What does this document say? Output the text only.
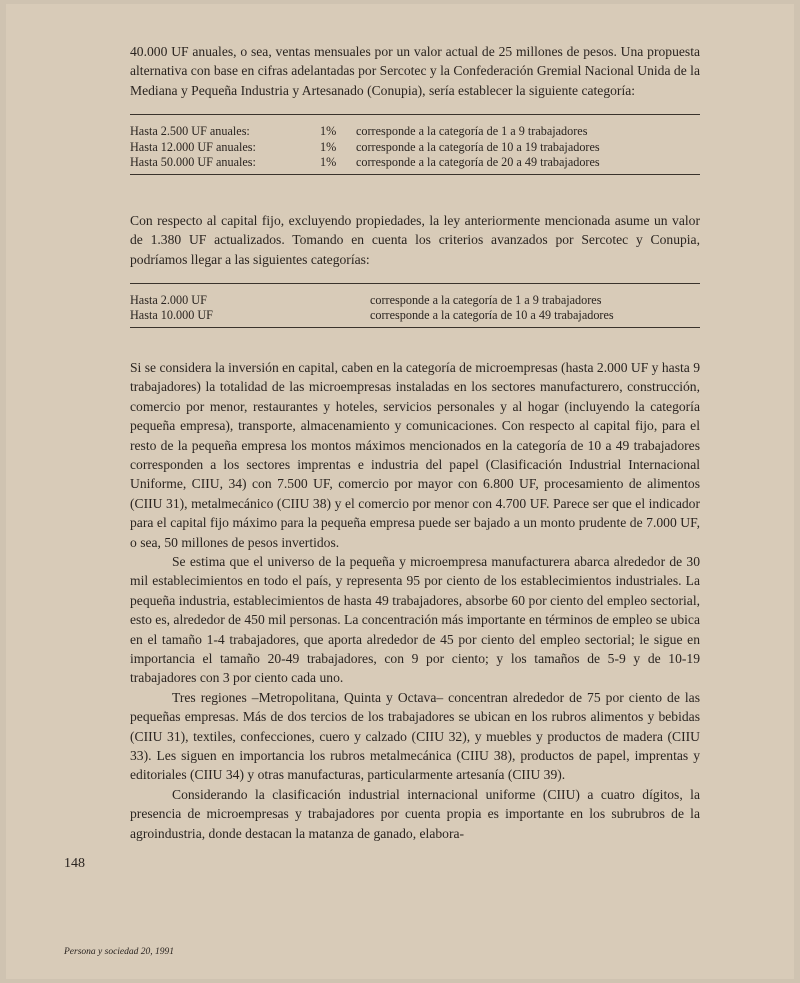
40.000 UF anuales, o sea, ventas mensuales por un valor actual de 25 millones de pesos. Una propuesta alternativa con base en cifras adelantadas por Sercotec y la Confederación Gremial Nacional Unida de la Mediana y Pequeña Industria y Artesanado (Conupia), sería establecer la siguiente categoría:

Hasta 2.500 UF anuales:	1%	corresponde a la categoría de 1 a 9 trabajadores
Hasta 12.000 UF anuales:	1%	corresponde a la categoría de 10 a 19 trabajadores
Hasta 50.000 UF anuales:	1%	corresponde a la categoría de 20 a 49 trabajadores

Con respecto al capital fijo, excluyendo propiedades, la ley anteriormente mencionada asume un valor de 1.380 UF actualizados. Tomando en cuenta los criterios avanzados por Sercotec y Conupia, podríamos llegar a las siguientes categorías:

Hasta 2.000 UF	corresponde a la categoría de 1 a 9 trabajadores
Hasta 10.000 UF	corresponde a la categoría de 10 a 49 trabajadores

Si se considera la inversión en capital, caben en la categoría de microempresas (hasta 2.000 UF y hasta 9 trabajadores) la totalidad de las microempresas instaladas en los sectores manufacturero, construcción, comercio por menor, restaurantes y hoteles, servicios personales y al hogar (incluyendo la categoría pequeña empresa), transporte, almacenamiento y comunicaciones. Con respecto al capital fijo, para el resto de la pequeña empresa los montos máximos mencionados en la categoría de 10 a 49 trabajadores corresponden a los sectores imprentas e industria del papel (Clasificación Industrial Internacional Uniforme, CIIU, 34) con 7.500 UF, comercio por mayor con 6.800 UF, procesamiento de alimentos (CIIU 31), metalmecánico (CIIU 38) y el comercio por menor con 4.700 UF. Parece ser que el indicador para el capital fijo máximo para la pequeña empresa puede ser bajado a un monto prudente de 7.000 UF, o sea, 50 millones de pesos invertidos.

Se estima que el universo de la pequeña y microempresa manufacturera abarca alrededor de 30 mil establecimientos en todo el país, y representa 95 por ciento de los establecimientos industriales. La pequeña industria, establecimientos de hasta 49 trabajadores, absorbe 60 por ciento del empleo sectorial, esto es, alrededor de 450 mil personas. La concentración más importante en términos de empleo se ubica en el tamaño 1-4 trabajadores, que aporta alrededor de 45 por ciento del empleo sectorial; le sigue en importancia el tamaño 20-49 trabajadores, con 9 por ciento; y los tamaños de 5-9 y de 10-19 trabajadores con 3 por ciento cada uno.

Tres regiones –Metropolitana, Quinta y Octava– concentran alrededor de 75 por ciento de las pequeñas empresas. Más de dos tercios de los trabajadores se ubican en los rubros alimentos y bebidas (CIIU 31), textiles, confecciones, cuero y calzado (CIIU 32), y muebles y productos de madera (CIIU 33). Les siguen en importancia los rubros metalmecánica (CIIU 38), productos de papel, imprentas y editoriales (CIIU 34) y otras manufacturas, particularmente artesanía (CIIU 39).

Considerando la clasificación industrial internacional uniforme (CIIU) a cuatro dígitos, la presencia de microempresas y trabajadores por cuenta propia es importante en los subrubros de la agroindustria, donde destacan la matanza de ganado, elabora-

148
Persona y sociedad 20, 1991
